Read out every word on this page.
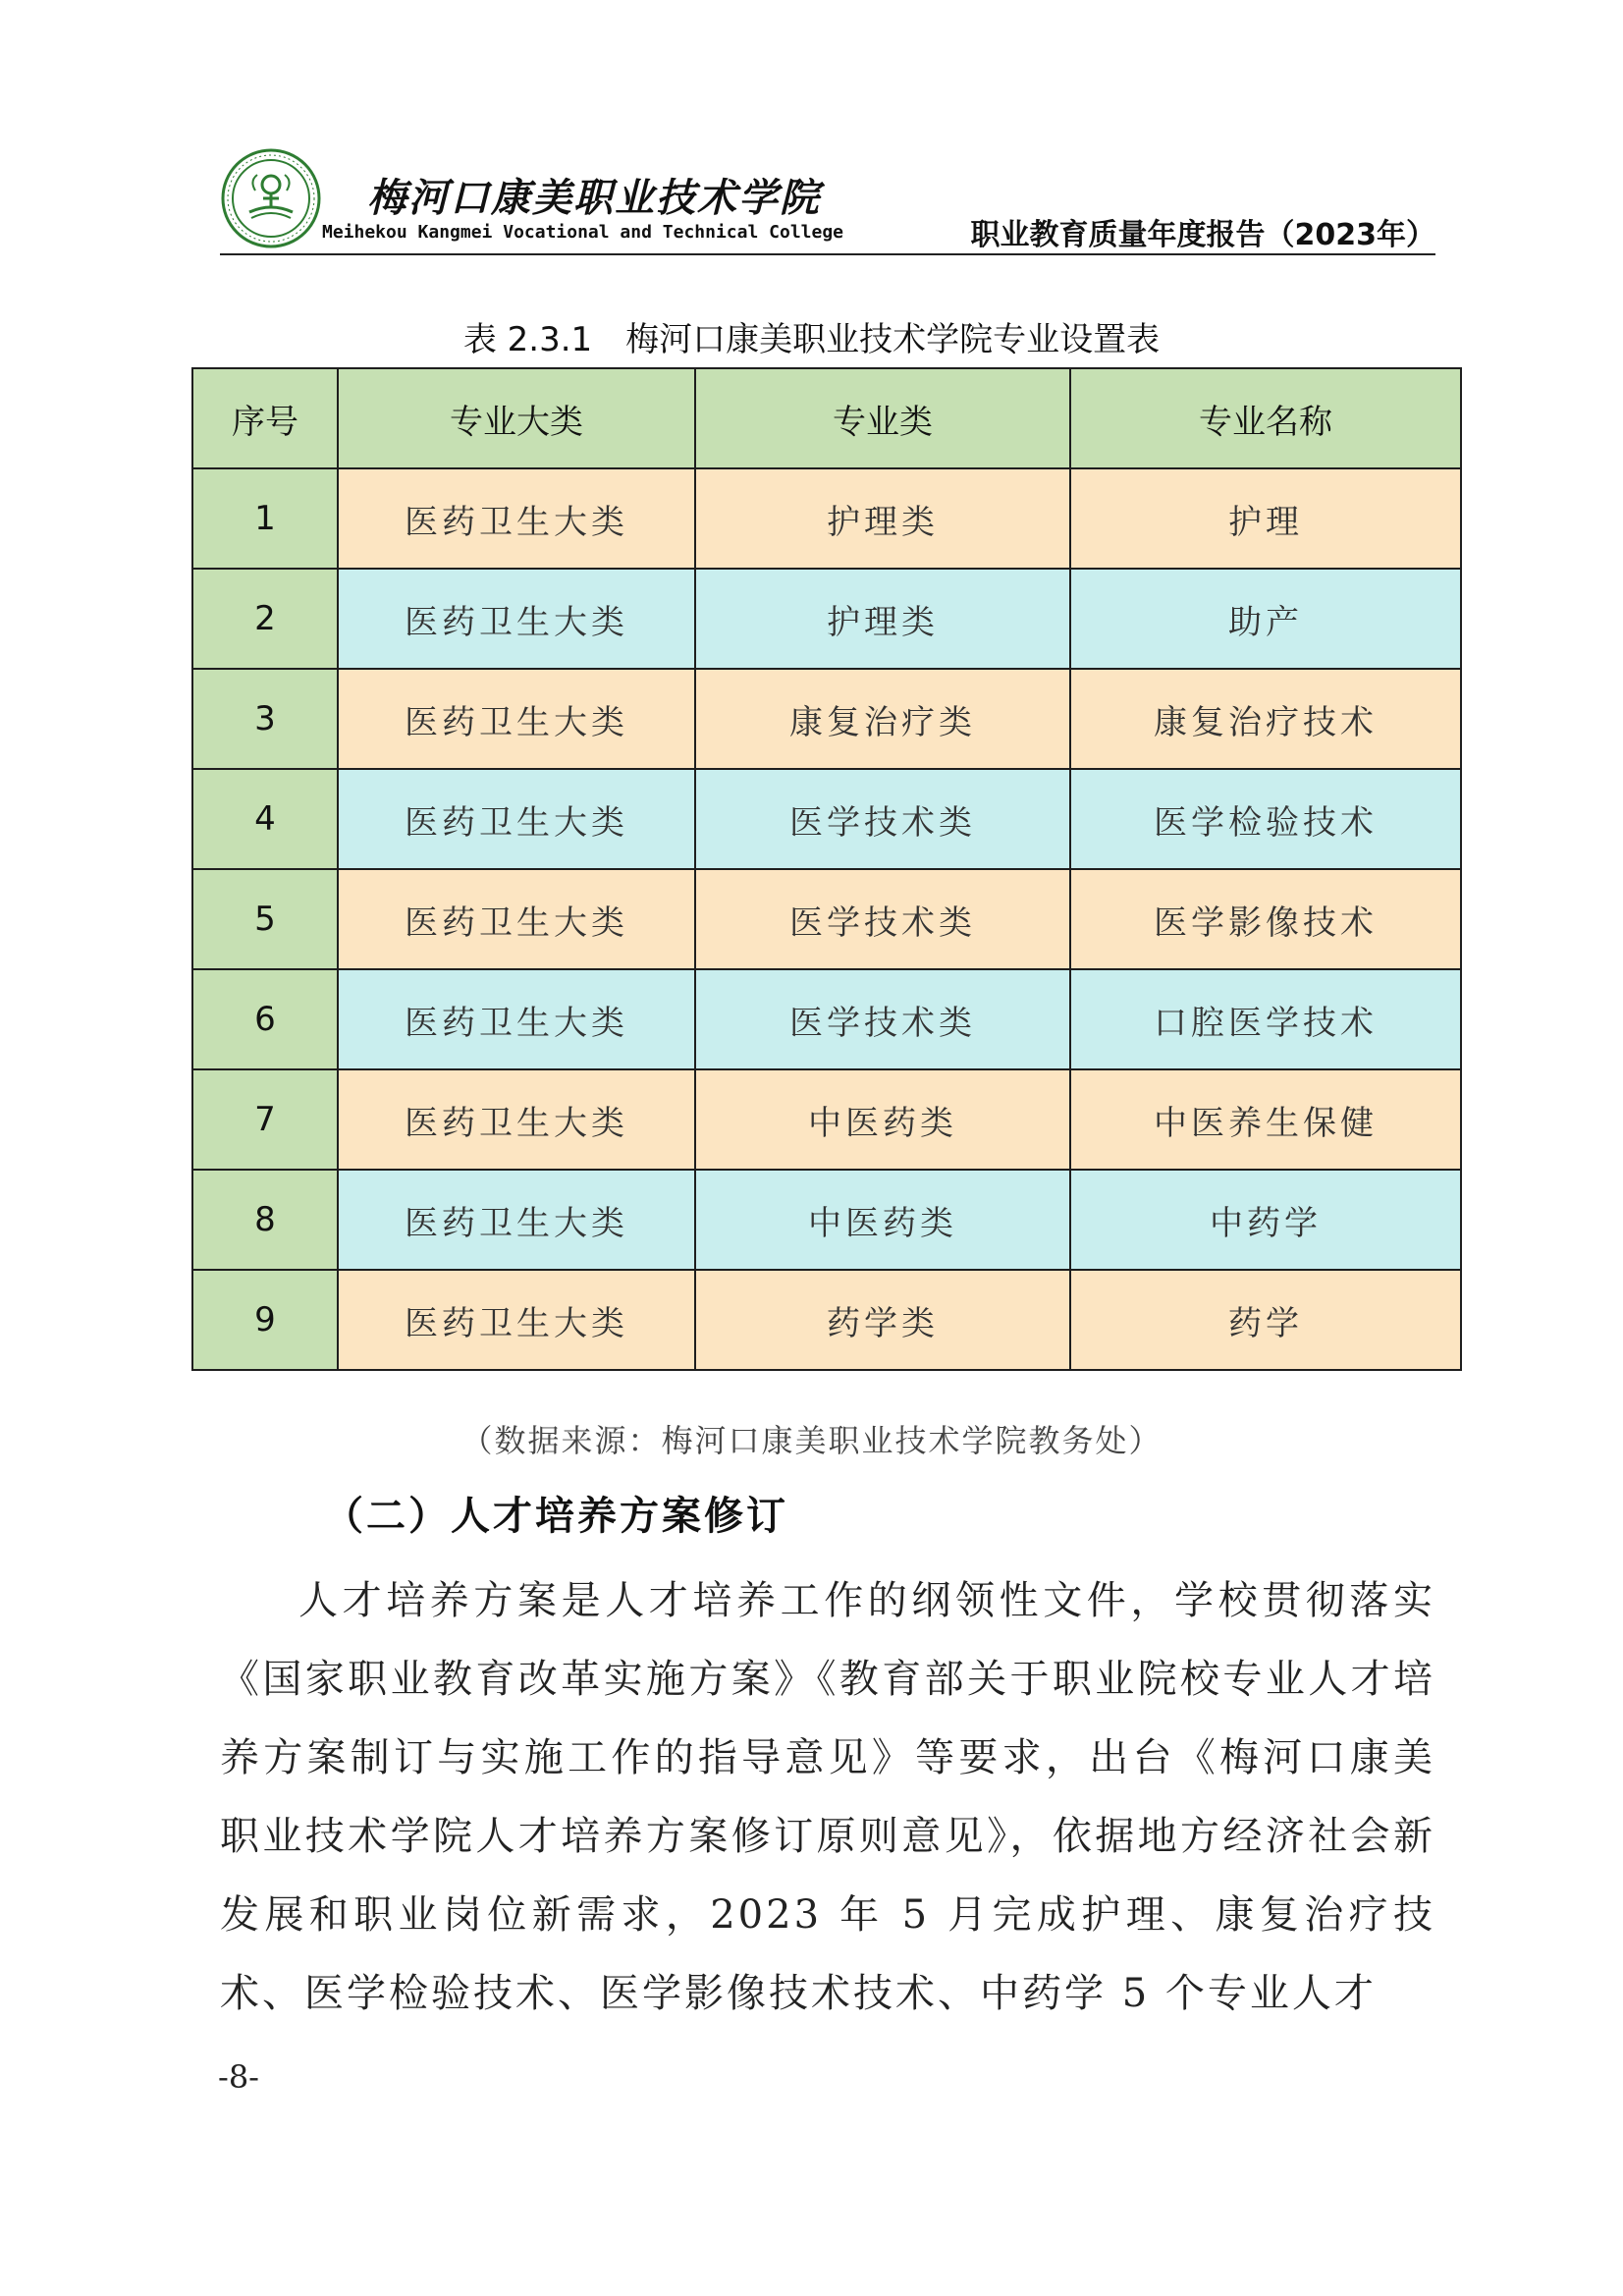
梅河口康美职业技术学院
Meihekou Kangmei Vocational and Technical College	职业教育质量年度报告（2023年）
表 2.3.1　梅河口康美职业技术学院专业设置表
序号	专业大类	专业类	专业名称
1	医药卫生大类	护理类	护理
2	医药卫生大类	护理类	助产
3	医药卫生大类	康复治疗类	康复治疗技术
4	医药卫生大类	医学技术类	医学检验技术
5	医药卫生大类	医学技术类	医学影像技术
6	医药卫生大类	医学技术类	口腔医学技术
7	医药卫生大类	中医药类	中医养生保健
8	医药卫生大类	中医药类	中药学
9	医药卫生大类	药学类	药学
（数据来源：梅河口康美职业技术学院教务处）
（二）人才培养方案修订

人才培养方案是人才培养工作的纲领性文件，学校贯彻落实《国家职业教育改革实施方案》《教育部关于职业院校专业人才培养方案制订与实施工作的指导意见》等要求，出台《梅河口康美职业技术学院人才培养方案修订原则意见》，依据地方经济社会新发展和职业岗位新需求，2023 年 5 月完成护理、康复治疗技术、医学检验技术、医学影像技术技术、中药学 5 个专业人才

-8-
